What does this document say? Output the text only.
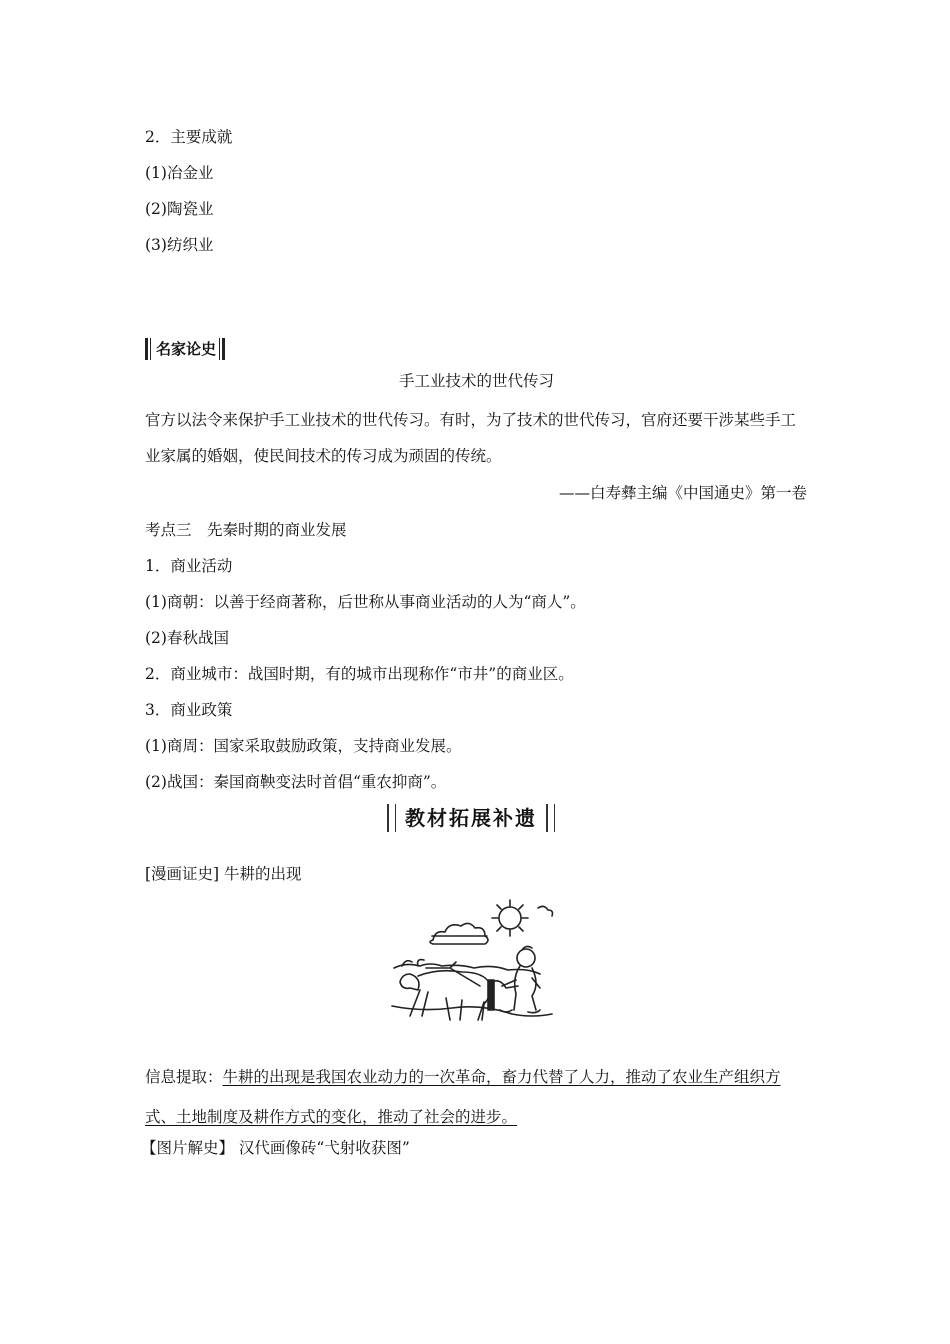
2．主要成就
(1)冶金业
(2)陶瓷业
(3)纺织业
名家论史
手工业技术的世代传习
官方以法令来保护手工业技术的世代传习。有时，为了技术的世代传习，官府还要干涉某些手工业家属的婚姻，使民间技术的传习成为顽固的传统。
——白寿彝主编《中国通史》第一卷
考点三　先秦时期的商业发展
1．商业活动
(1)商朝：以善于经商著称，后世称从事商业活动的人为“商人”。
(2)春秋战国
2．商业城市：战国时期，有的城市出现称作“市井”的商业区。
3．商业政策
(1)商周：国家采取鼓励政策，支持商业发展。
(2)战国：秦国商鞅变法时首倡“重农抑商”。
教材拓展补遗
[漫画证史] 牛耕的出现
信息提取：牛耕的出现是我国农业动力的一次革命，畜力代替了人力，推动了农业生产组织方式、土地制度及耕作方式的变化，推动了社会的进步。
【图片解史】 汉代画像砖“弋射收获图”
